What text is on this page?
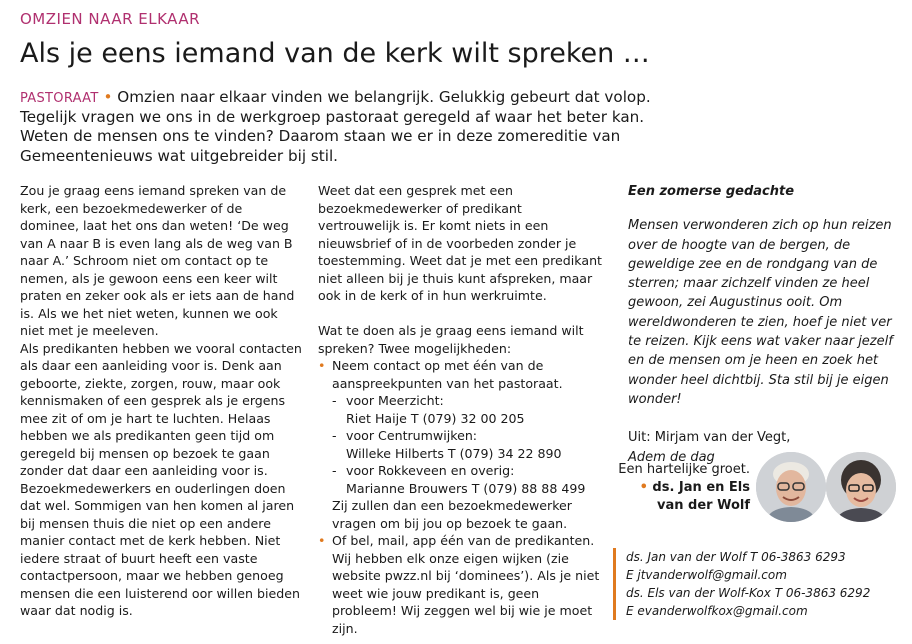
OMZIEN NAAR ELKAAR
Als je eens iemand van de kerk wilt spreken …
PASTORAAT • Omzien naar elkaar vinden we belangrijk. Gelukkig gebeurt dat volop. Tegelijk vragen we ons in de werkgroep pastoraat geregeld af waar het beter kan. Weten de mensen ons te vinden? Daarom staan we er in deze zomereditie van Gemeentenieuws wat uitgebreider bij stil.

Zou je graag eens iemand spreken van de kerk, een bezoekmedewerker of de dominee, laat het ons dan weten! ‘De weg van A naar B is even lang als de weg van B naar A.’ Schroom niet om contact op te nemen, als je gewoon eens een keer wilt praten en zeker ook als er iets aan de hand is. Als we het niet weten, kunnen we ook niet met je meeleven.

Als predikanten hebben we vooral contacten als daar een aanleiding voor is. Denk aan geboorte, ziekte, zorgen, rouw, maar ook kennismaken of een gesprek als je ergens mee zit of om je hart te luchten. Helaas hebben we als predikanten geen tijd om geregeld bij mensen op bezoek te gaan zonder dat daar een aanleiding voor is. Bezoekmedewerkers en ouderlingen doen dat wel. Sommigen van hen komen al jaren bij mensen thuis die niet op een andere manier contact met de kerk hebben. Niet iedere straat of buurt heeft een vaste contactpersoon, maar we hebben genoeg mensen die een luisterend oor willen bieden waar dat nodig is.

Weet dat een gesprek met een bezoekmedewerker of predikant vertrouwelijk is. Er komt niets in een nieuwsbrief of in de voorbeden zonder je toestemming. Weet dat je met een predikant niet alleen bij je thuis kunt afspreken, maar ook in de kerk of in hun werkruimte.

Wat te doen als je graag eens iemand wilt spreken? Twee mogelijkheden:

• Neem contact op met één van de aanspreekpunten van het pastoraat.
- voor Meerzicht:
Riet Haije T (079) 32 00 205
- voor Centrumwijken:
Willeke Hilberts T (079) 34 22 890
- voor Rokkeveen en overig:
Marianne Brouwers T (079) 88 88 499
Zij zullen dan een bezoekmedewerker vragen om bij jou op bezoek te gaan.
• Of bel, mail, app één van de predikanten. Wij hebben elk onze eigen wijken (zie website pwzz.nl bij ‘dominees’). Als je niet weet wie jouw predikant is, geen probleem! Wij zeggen wel bij wie je moet zijn.
Een zomerse gedachte

Mensen verwonderen zich op hun reizen over de hoogte van de bergen, de geweldige zee en de rondgang van de sterren; maar zichzelf vinden ze heel gewoon, zei Augustinus ooit. Om wereldwonderen te zien, hoef je niet ver te reizen. Kijk eens wat vaker naar jezelf en de mensen om je heen en zoek het wonder heel dichtbij. Sta stil bij je eigen wonder!

Uit: Mirjam van der Vegt,

Adem de dag

Een hartelijke groet.
• ds. Jan en Els
van der Wolf
ds. Jan van der Wolf T 06-3863 6293
E jtvanderwolf@gmail.com
ds. Els van der Wolf-Kox T 06-3863 6292
E evanderwolfkox@gmail.com
